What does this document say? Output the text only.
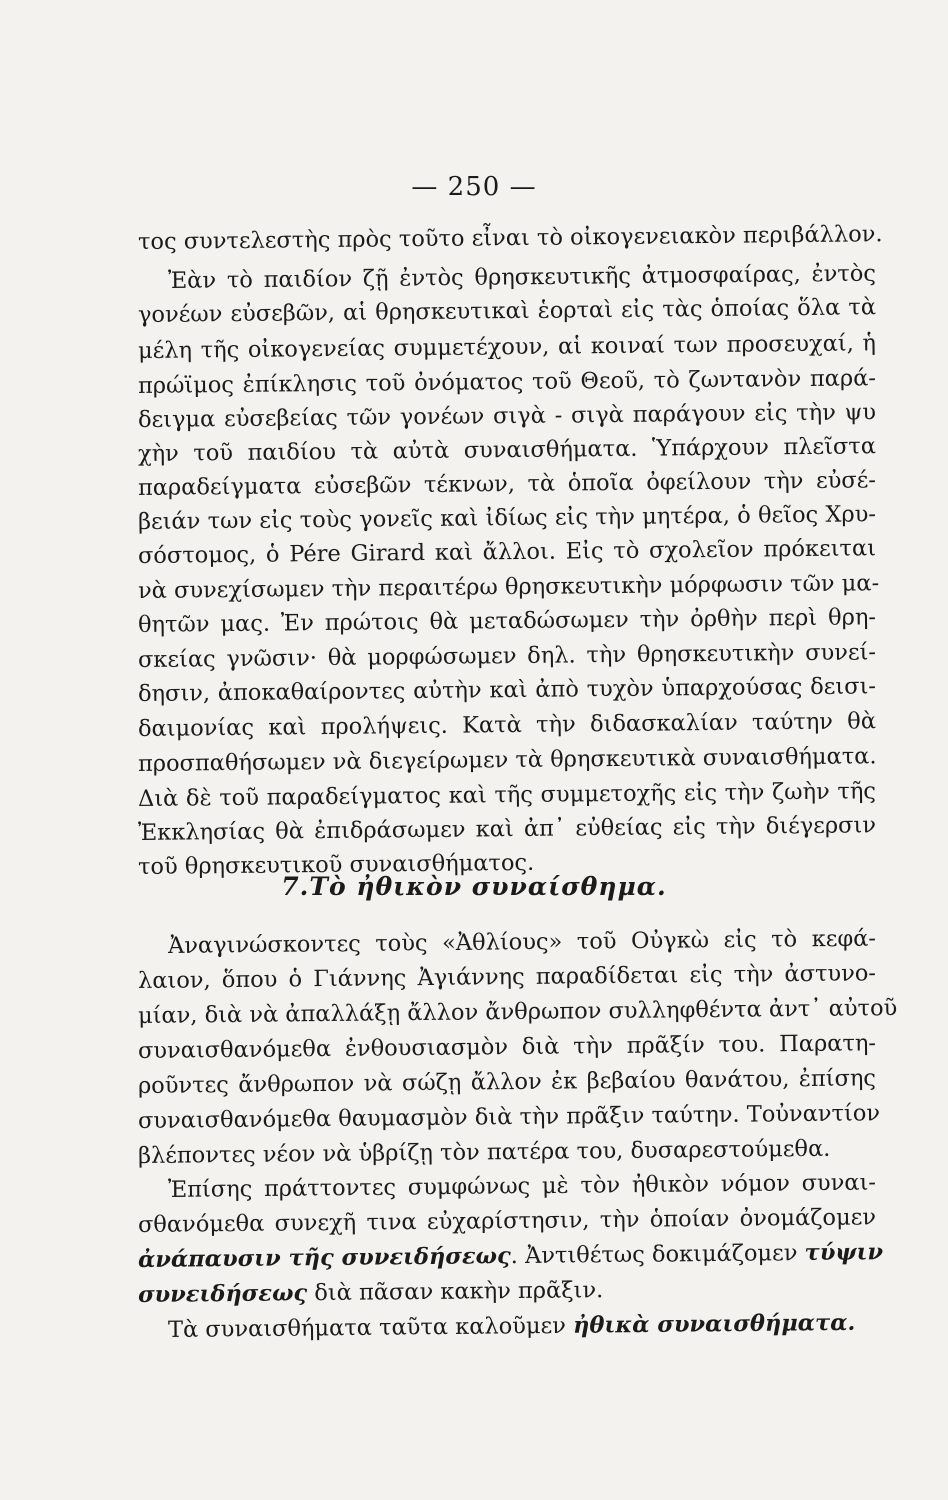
— 250 —
τος συντελεστὴς πρὸς τοῦτο εἶναι τὸ οἰκογενειακὸν περιβάλλον.
Ἐὰν τὸ παιδίον ζῇ ἐντὸς θρησκευτικῆς ἀτμοσφαίρας, ἐντὸς
γονέων εὐσεβῶν, αἱ θρησκευτικαὶ ἑορταὶ εἰς τὰς ὁποίας ὅλα τὰ
μέλη τῆς οἰκογενείας συμμετέχουν, αἱ κοιναί των προσευχαί, ἡ
πρώϊμος ἐπίκλησις τοῦ ὀνόματος τοῦ Θεοῦ, τὸ ζωντανὸν παρά-
δειγμα εὐσεβείας τῶν γονέων σιγὰ - σιγὰ παράγουν εἰς τὴν ψυ
χὴν τοῦ παιδίου τὰ αὐτὰ συναισθήματα. Ὑπάρχουν πλεῖστα
παραδείγματα εὐσεβῶν τέκνων, τὰ ὁποῖα ὀφείλουν τὴν εὐσέ-
βειάν των εἰς τοὺς γονεῖς καὶ ἰδίως εἰς τὴν μητέρα, ὁ θεῖος Χρυ-
σόστομος, ὁ Pére Girard καὶ ἄλλοι. Εἰς τὸ σχολεῖον πρόκειται
νὰ συνεχίσωμεν τὴν περαιτέρω θρησκευτικὴν μόρφωσιν τῶν μα-
θητῶν μας. Ἐν πρώτοις θὰ μεταδώσωμεν τὴν ὀρθὴν περὶ θρη-
σκείας γνῶσιν· θὰ μορφώσωμεν δηλ. τὴν θρησκευτικὴν συνεί-
δησιν, ἀποκαθαίροντες αὐτὴν καὶ ἀπὸ τυχὸν ὑπαρχούσας δεισι-
δαιμονίας καὶ προλήψεις. Κατὰ τὴν διδασκαλίαν ταύτην θὰ
προσπαθήσωμεν νὰ διεγείρωμεν τὰ θρησκευτικὰ συναισθήματα.
Διὰ δὲ τοῦ παραδείγματος καὶ τῆς συμμετοχῆς εἰς τὴν ζωὴν τῆς
Ἐκκλησίας θὰ ἐπιδράσωμεν καὶ ἀπ᾿ εὐθείας εἰς τὴν διέγερσιν
τοῦ θρησκευτικοῦ συναισθήματος.
7.Τὸ ἠθικὸν συναίσθημα.
Ἀναγινώσκοντες τοὺς «Ἀθλίους» τοῦ Οὐγκὼ εἰς τὸ κεφά-
λαιον, ὅπου ὁ Γιάννης Ἀγιάννης παραδίδεται εἰς τὴν ἀστυνο-
μίαν, διὰ νὰ ἀπαλλάξῃ ἄλλον ἄνθρωπον συλληφθέντα ἀντ᾿ αὐτοῦ
συναισθανόμεθα ἐνθουσιασμὸν διὰ τὴν πρᾶξίν του. Παρατη-
ροῦντες ἄνθρωπον νὰ σώζῃ ἄλλον ἐκ βεβαίου θανάτου, ἐπίσης
συναισθανόμεθα θαυμασμὸν διὰ τὴν πρᾶξιν ταύτην. Τοὐναντίον
βλέποντες νέον νὰ ὑβρίζῃ τὸν πατέρα του, δυσαρεστούμεθα.
Ἐπίσης πράττοντες συμφώνως μὲ τὸν ἠθικὸν νόμον συναι-
σθανόμεθα συνεχῆ τινα εὐχαρίστησιν, τὴν ὁποίαν ὀνομάζομεν
ἀνάπαυσιν τῆς συνειδήσεως. Ἀντιθέτως δοκιμάζομεν τύψιν
συνειδήσεως διὰ πᾶσαν κακὴν πρᾶξιν.
Τὰ συναισθήματα ταῦτα καλοῦμεν ἠθικὰ συναισθήματα.
